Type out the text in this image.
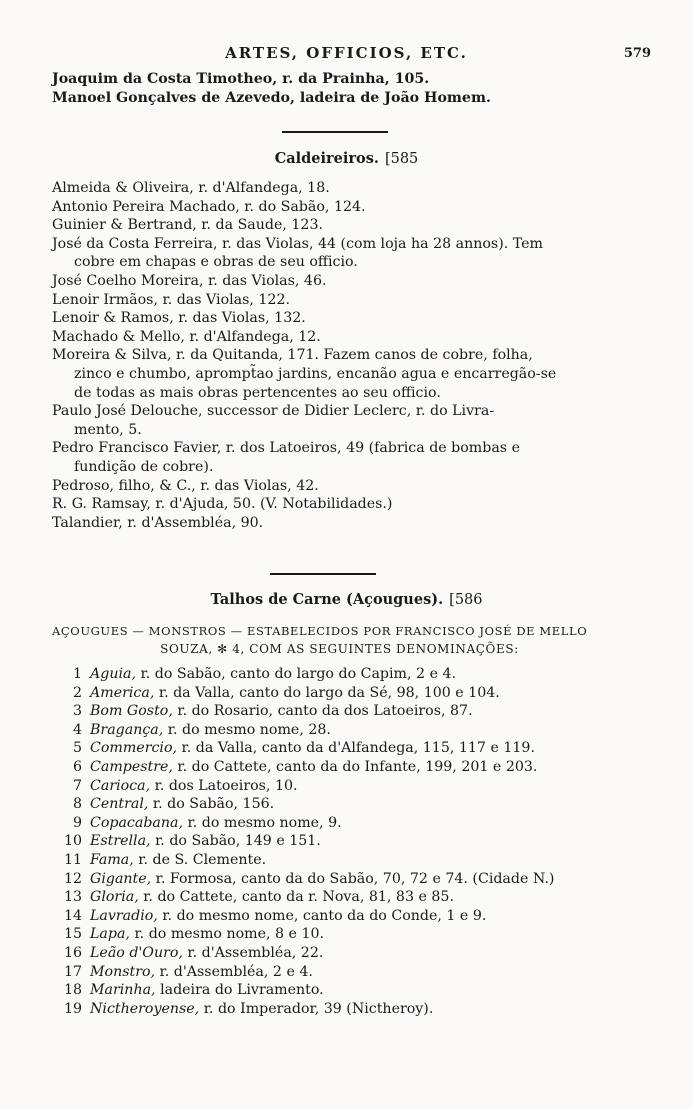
ARTES, OFFICIOS, ETC.	579
Joaquim da Costa Timotheo, r. da Prainha, 105.
Manoel Gonçalves de Azevedo, ladeira de João Homem.
Caldeireiros. [585
Almeida & Oliveira, r. d'Alfandega, 18.
Antonio Pereira Machado, r. do Sabão, 124.
Guinier & Bertrand, r. da Saude, 123.
José da Costa Ferreira, r. das Violas, 44 (com loja ha 28 annos). Tem
cobre em chapas e obras de seu officio.
José Coelho Moreira, r. das Violas, 46.
Lenoir Irmãos, r. das Violas, 122.
Lenoir & Ramos, r. das Violas, 132.
Machado & Mello, r. d'Alfandega, 12.
Moreira & Silva, r. da Quitanda, 171. Fazem canos de cobre, folha,
zinco e chumbo, aprompt̃ao jardins, encanão agua e encarregão-se
de todas as mais obras pertencentes ao seu officio.
Paulo José Delouche, successor de Didier Leclerc, r. do Livra-
mento, 5.
Pedro Francisco Favier, r. dos Latoeiros, 49 (fabrica de bombas e
fundição de cobre).
Pedroso, filho, & C., r. das Violas, 42.
R. G. Ramsay, r. d'Ajuda, 50. (V. Notabilidades.)
Talandier, r. d'Assembléa, 90.
Talhos de Carne (Açougues). [586
AÇOUGUES — MONSTROS — ESTABELECIDOS POR FRANCISCO JOSÉ DE MELLO
SOUZA, ✻ 4, COM AS SEGUINTES DENOMINAÇÕES:
1 Aguia, r. do Sabão, canto do largo do Capim, 2 e 4.
2 America, r. da Valla, canto do largo da Sé, 98, 100 e 104.
3 Bom Gosto, r. do Rosario, canto da dos Latoeiros, 87.
4 Bragança, r. do mesmo nome, 28.
5 Commercio, r. da Valla, canto da d'Alfandega, 115, 117 e 119.
6 Campestre, r. do Cattete, canto da do Infante, 199, 201 e 203.
7 Carioca, r. dos Latoeiros, 10.
8 Central, r. do Sabão, 156.
9 Copacabana, r. do mesmo nome, 9.
10 Estrella, r. do Sabão, 149 e 151.
11 Fama, r. de S. Clemente.
12 Gigante, r. Formosa, canto da do Sabão, 70, 72 e 74. (Cidade N.)
13 Gloria, r. do Cattete, canto da r. Nova, 81, 83 e 85.
14 Lavradio, r. do mesmo nome, canto da do Conde, 1 e 9.
15 Lapa, r. do mesmo nome, 8 e 10.
16 Leão d'Ouro, r. d'Assembléa, 22.
17 Monstro, r. d'Assembléa, 2 e 4.
18 Marinha, ladeira do Livramento.
19 Nictheroyense, r. do Imperador, 39 (Nictheroy).
